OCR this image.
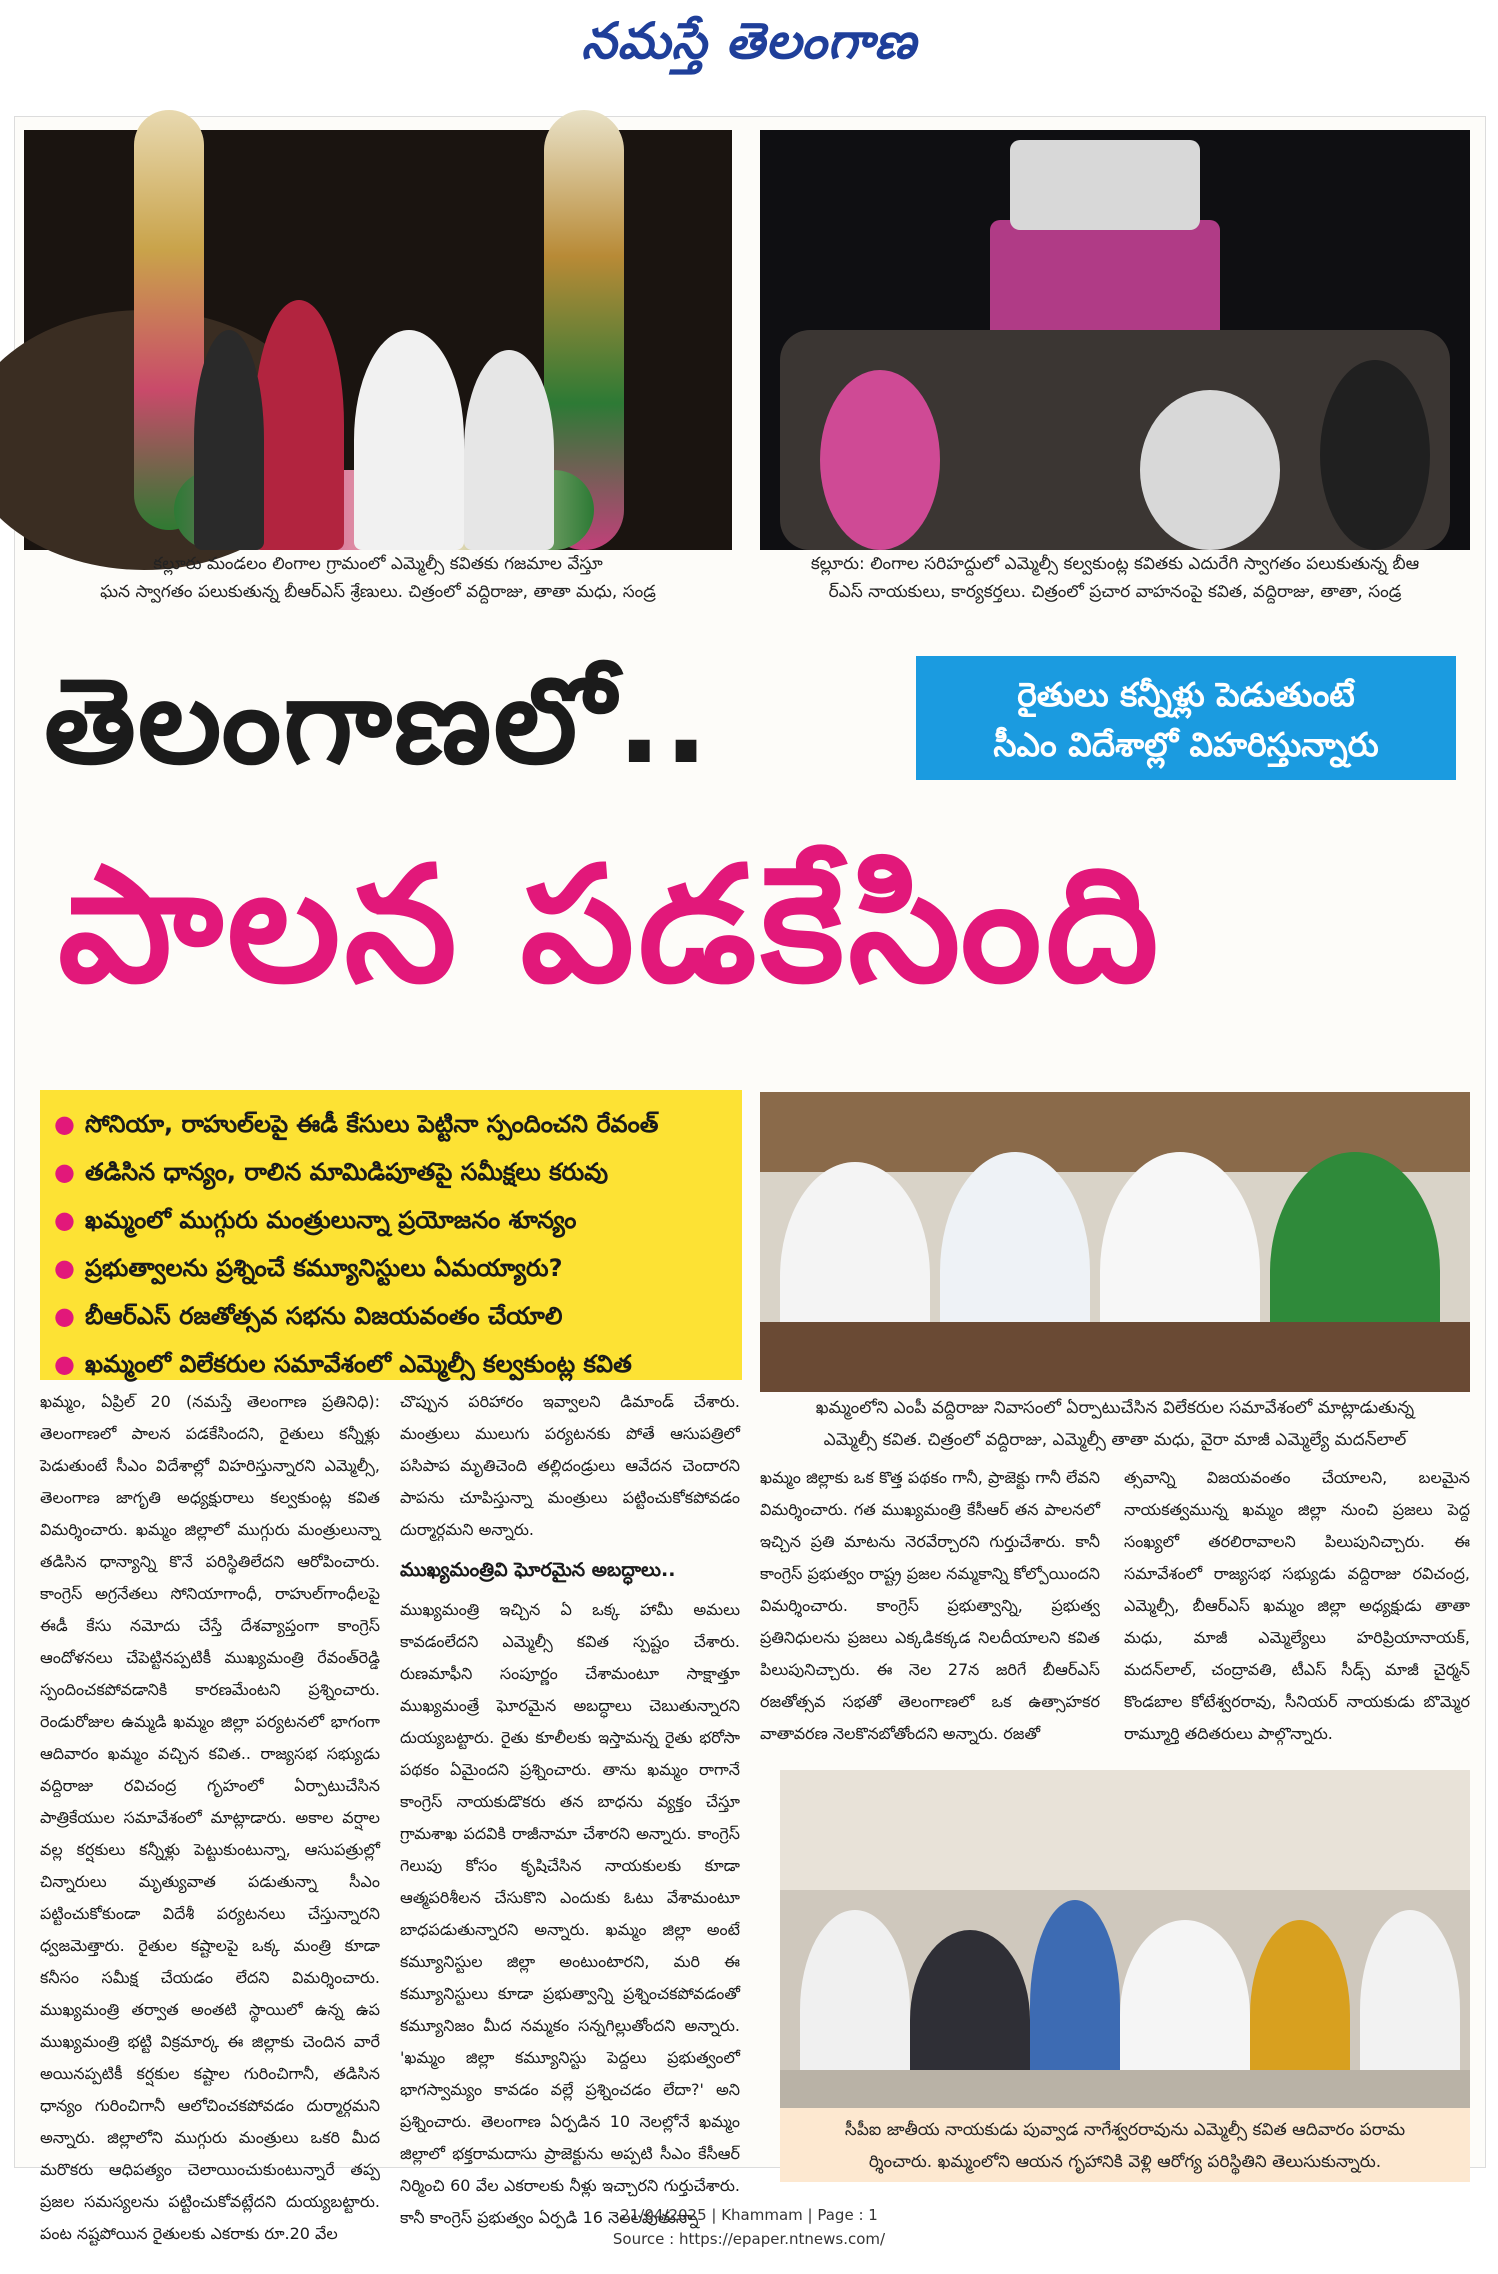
నమస్తే తెలంగాణ
కల్లూరు మండలం లింగాల గ్రామంలో ఎమ్మెల్సీ కవితకు గజమాల వేస్తూ
ఘన స్వాగతం పలుకుతున్న బీఆర్ఎస్ శ్రేణులు. చిత్రంలో వద్దిరాజు, తాతా మధు, సండ్ర
కల్లూరు: లింగాల సరిహద్దులో ఎమ్మెల్సీ కల్వకుంట్ల కవితకు ఎదురేగి స్వాగతం పలుకుతున్న బీఆ
ర్ఎస్ నాయకులు, కార్యకర్తలు. చిత్రంలో ప్రచార వాహనంపై కవిత, వద్దిరాజు, తాతా, సండ్ర
తెలంగాణలో..	రైతులు కన్నీళ్లు పెడుతుంటే
సీఎం విదేశాల్లో విహరిస్తున్నారు
పాలన పడకేసింది
● సోనియా, రాహుల్‌లపై ఈడీ కేసులు పెట్టినా స్పందించని రేవంత్
● తడిసిన ధాన్యం, రాలిన మామిడిపూతపై సమీక్షలు కరువు
● ఖమ్మంలో ముగ్గురు మంత్రులున్నా ప్రయోజనం శూన్యం
● ప్రభుత్వాలను ప్రశ్నించే కమ్యూనిస్టులు ఏమయ్యారు?
● బీఆర్ఎస్ రజతోత్సవ సభను విజయవంతం చేయాలి
● ఖమ్మంలో విలేకరుల సమావేశంలో ఎమ్మెల్సీ కల్వకుంట్ల కవిత
ఖమ్మంలోని ఎంపీ వద్దిరాజు నివాసంలో ఏర్పాటుచేసిన విలేకరుల సమావేశంలో మాట్లాడుతున్న
ఎమ్మెల్సీ కవిత. చిత్రంలో వద్దిరాజు, ఎమ్మెల్సీ తాతా మధు, వైరా మాజీ ఎమ్మెల్యే మదన్‌లాల్

ఖమ్మం, ఏప్రిల్ 20 (నమస్తే తెలంగాణ ప్రతినిధి): తెలంగాణలో పాలన పడకేసిందని, రైతులు కన్నీళ్లు పెడుతుంటే సీఎం విదేశాల్లో విహరిస్తున్నారని ఎమ్మెల్సీ, తెలంగాణ జాగృతి అధ్యక్షురాలు కల్వకుంట్ల కవిత విమర్శించారు. ఖమ్మం జిల్లాలో ముగ్గురు మంత్రులున్నా తడిసిన ధాన్యాన్ని కొనే పరిస్థితిలేదని ఆరోపించారు. కాంగ్రెస్ అగ్రనేతలు సోనియాగాంధీ, రాహుల్‌గాంధీలపై ఈడీ కేసు నమోదు చేస్తే దేశవ్యాప్తంగా కాంగ్రెస్ ఆందోళనలు చేపెట్టినప్పటికీ ముఖ్యమంత్రి రేవంత్‌రెడ్డి స్పందించకపోవడానికి కారణమేంటని ప్రశ్నించారు. రెండురోజుల ఉమ్మడి ఖమ్మం జిల్లా పర్యటనలో భాగంగా ఆదివారం ఖమ్మం వచ్చిన కవిత.. రాజ్యసభ సభ్యుడు వద్దిరాజు రవిచంద్ర గృహంలో ఏర్పాటుచేసిన పాత్రికేయుల సమావేశంలో మాట్లాడారు. అకాల వర్షాల వల్ల కర్షకులు కన్నీళ్లు పెట్టుకుంటున్నా, ఆసుపత్రుల్లో చిన్నారులు మృత్యువాత పడుతున్నా సీఎం పట్టించుకోకుండా విదేశీ పర్యటనలు చేస్తున్నారని ధ్వజమెత్తారు. రైతుల కష్టాలపై ఒక్క మంత్రి కూడా కనీసం సమీక్ష చేయడం లేదని విమర్శించారు. ముఖ్యమంత్రి తర్వాత అంతటి స్థాయిలో ఉన్న ఉప ముఖ్యమంత్రి భట్టి విక్రమార్క ఈ జిల్లాకు చెందిన వారే అయినప్పటికీ కర్షకుల కష్టాల గురించిగానీ, తడిసిన ధాన్యం గురించిగానీ ఆలోచించకపోవడం దుర్మార్గమని అన్నారు. జిల్లాలోని ముగ్గురు మంత్రులు ఒకరి మీద మరొకరు ఆధిపత్యం చెలాయించుకుంటున్నారే తప్ప ప్రజల సమస్యలను పట్టించుకోవట్లేదని దుయ్యబట్టారు. పంట నష్టపోయిన రైతులకు ఎకరాకు రూ.20 వేల

చొప్పున పరిహారం ఇవ్వాలని డిమాండ్ చేశారు. మంత్రులు ములుగు పర్యటనకు పోతే ఆసుపత్రిలో పసిపాప మృతిచెంది తల్లిదండ్రులు ఆవేదన చెందారని పాపను చూపిస్తున్నా మంత్రులు పట్టించుకోకపోవడం దుర్మార్గమని అన్నారు.

ముఖ్యమంత్రివి ఘోరమైన అబద్ధాలు..

ముఖ్యమంత్రి ఇచ్చిన ఏ ఒక్క హామీ అమలు కావడంలేదని ఎమ్మెల్సీ కవిత స్పష్టం చేశారు. రుణమాఫీని సంపూర్ణం చేశామంటూ సాక్షాత్తూ ముఖ్యమంత్రే ఘోరమైన అబద్ధాలు చెబుతున్నారని దుయ్యబట్టారు. రైతు కూలీలకు ఇస్తామన్న రైతు భరోసా పథకం ఏమైందని ప్రశ్నించారు. తాను ఖమ్మం రాగానే కాంగ్రెస్ నాయకుడొకరు తన బాధను వ్యక్తం చేస్తూ గ్రామశాఖ పదవికి రాజీనామా చేశారని అన్నారు. కాంగ్రెస్ గెలుపు కోసం కృషిచేసిన నాయకులకు కూడా ఆత్మపరిశీలన చేసుకొని ఎందుకు ఓటు వేశామంటూ బాధపడుతున్నారని అన్నారు. ఖమ్మం జిల్లా అంటే కమ్యూనిస్టుల జిల్లా అంటుంటారని, మరి ఈ కమ్యూనిస్టులు కూడా ప్రభుత్వాన్ని ప్రశ్నించకపోవడంతో కమ్యూనిజం మీద నమ్మకం సన్నగిల్లుతోందని అన్నారు. 'ఖమ్మం జిల్లా కమ్యూనిస్టు పెద్దలు ప్రభుత్వంలో భాగస్వామ్యం కావడం వల్లే ప్రశ్నించడం లేదా?' అని ప్రశ్నించారు. తెలంగాణ ఏర్పడిన 10 నెలల్లోనే ఖమ్మం జిల్లాలో భక్తరామదాసు ప్రాజెక్టును అప్పటి సీఎం కేసీఆర్ నిర్మించి 60 వేల ఎకరాలకు నీళ్లు ఇచ్చారని గుర్తుచేశారు. కానీ కాంగ్రెస్ ప్రభుత్వం ఏర్పడి 16 నెలలవుతున్నా

ఖమ్మం జిల్లాకు ఒక కొత్త పథకం గానీ, ప్రాజెక్టు గానీ లేవని విమర్శించారు. గత ముఖ్యమంత్రి కేసీఆర్ తన పాలనలో ఇచ్చిన ప్రతి మాటను నెరవేర్చారని గుర్తుచేశారు. కానీ కాంగ్రెస్ ప్రభుత్వం రాష్ట్ర ప్రజల నమ్మకాన్ని కోల్పోయిందని విమర్శించారు. కాంగ్రెస్ ప్రభుత్వాన్ని, ప్రభుత్వ ప్రతినిధులను ప్రజలు ఎక్కడికక్కడ నిలదీయాలని కవిత పిలుపునిచ్చారు. ఈ నెల 27న జరిగే బీఆర్ఎస్ రజతోత్సవ సభతో తెలంగాణలో ఒక ఉత్సాహకర వాతావరణ నెలకొనబోతోందని అన్నారు. రజతో

త్సవాన్ని విజయవంతం చేయాలని, బలమైన నాయకత్వమున్న ఖమ్మం జిల్లా నుంచి ప్రజలు పెద్ద సంఖ్యలో తరలిరావాలని పిలుపునిచ్చారు. ఈ సమావేశంలో రాజ్యసభ సభ్యుడు వద్దిరాజు రవిచంద్ర, ఎమ్మెల్సీ, బీఆర్ఎస్ ఖమ్మం జిల్లా అధ్యక్షుడు తాతా మధు, మాజీ ఎమ్మెల్యేలు హరిప్రియానాయక్, మదన్‌లాల్, చంద్రావతి, టీఎస్ సీడ్స్ మాజీ చైర్మన్ కొండబాల కోటేశ్వరరావు, సీనియర్ నాయకుడు బొమ్మెర రామ్మూర్తి తదితరులు పాల్గొన్నారు.

సీపీఐ జాతీయ నాయకుడు పువ్వాడ నాగేశ్వరరావును ఎమ్మెల్సీ కవిత ఆదివారం పరామ
ర్శించారు. ఖమ్మంలోని ఆయన గృహానికి వెళ్లి ఆరోగ్య పరిస్థితిని తెలుసుకున్నారు.
21/04/2025 | Khammam | Page : 1
Source : https://epaper.ntnews.com/
